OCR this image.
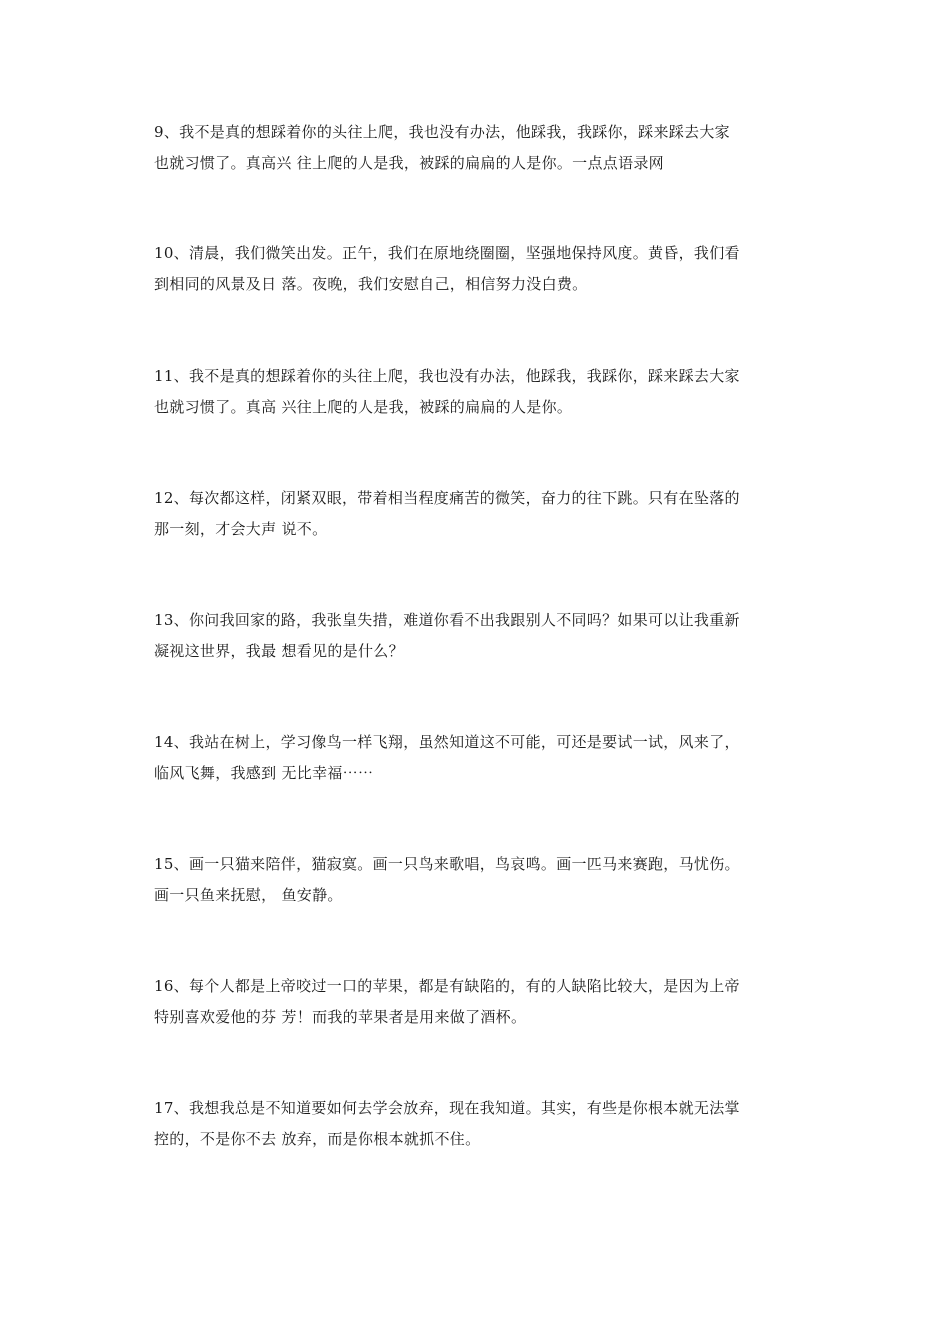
9、我不是真的想踩着你的头往上爬，我也没有办法，他踩我，我踩你，踩来踩去大家
也就习惯了。真高兴 往上爬的人是我，被踩的扁扁的人是你。一点点语录网

10、清晨，我们微笑出发。正午，我们在原地绕圈圈，坚强地保持风度。黄昏，我们看
到相同的风景及日 落。夜晚，我们安慰自己，相信努力没白费。

11、我不是真的想踩着你的头往上爬，我也没有办法，他踩我，我踩你，踩来踩去大家
也就习惯了。真高 兴往上爬的人是我，被踩的扁扁的人是你。

12、每次都这样，闭紧双眼，带着相当程度痛苦的微笑，奋力的往下跳。只有在坠落的
那一刻，才会大声 说不。

13、你问我回家的路，我张皇失措，难道你看不出我跟别人不同吗？如果可以让我重新
凝视这世界，我最 想看见的是什么？

14、我站在树上，学习像鸟一样飞翔，虽然知道这不可能，可还是要试一试，风来了，
临风飞舞，我感到 无比幸福⋯⋯

15、画一只猫来陪伴，猫寂寞。画一只鸟来歌唱，鸟哀鸣。画一匹马来赛跑，马忧伤。
画一只鱼来抚慰， 鱼安静。

16、每个人都是上帝咬过一口的苹果，都是有缺陷的，有的人缺陷比较大，是因为上帝
特别喜欢爱他的芬 芳！而我的苹果者是用来做了酒杯。

17、我想我总是不知道要如何去学会放弃，现在我知道。其实，有些是你根本就无法掌
控的，不是你不去 放弃，而是你根本就抓不住。
